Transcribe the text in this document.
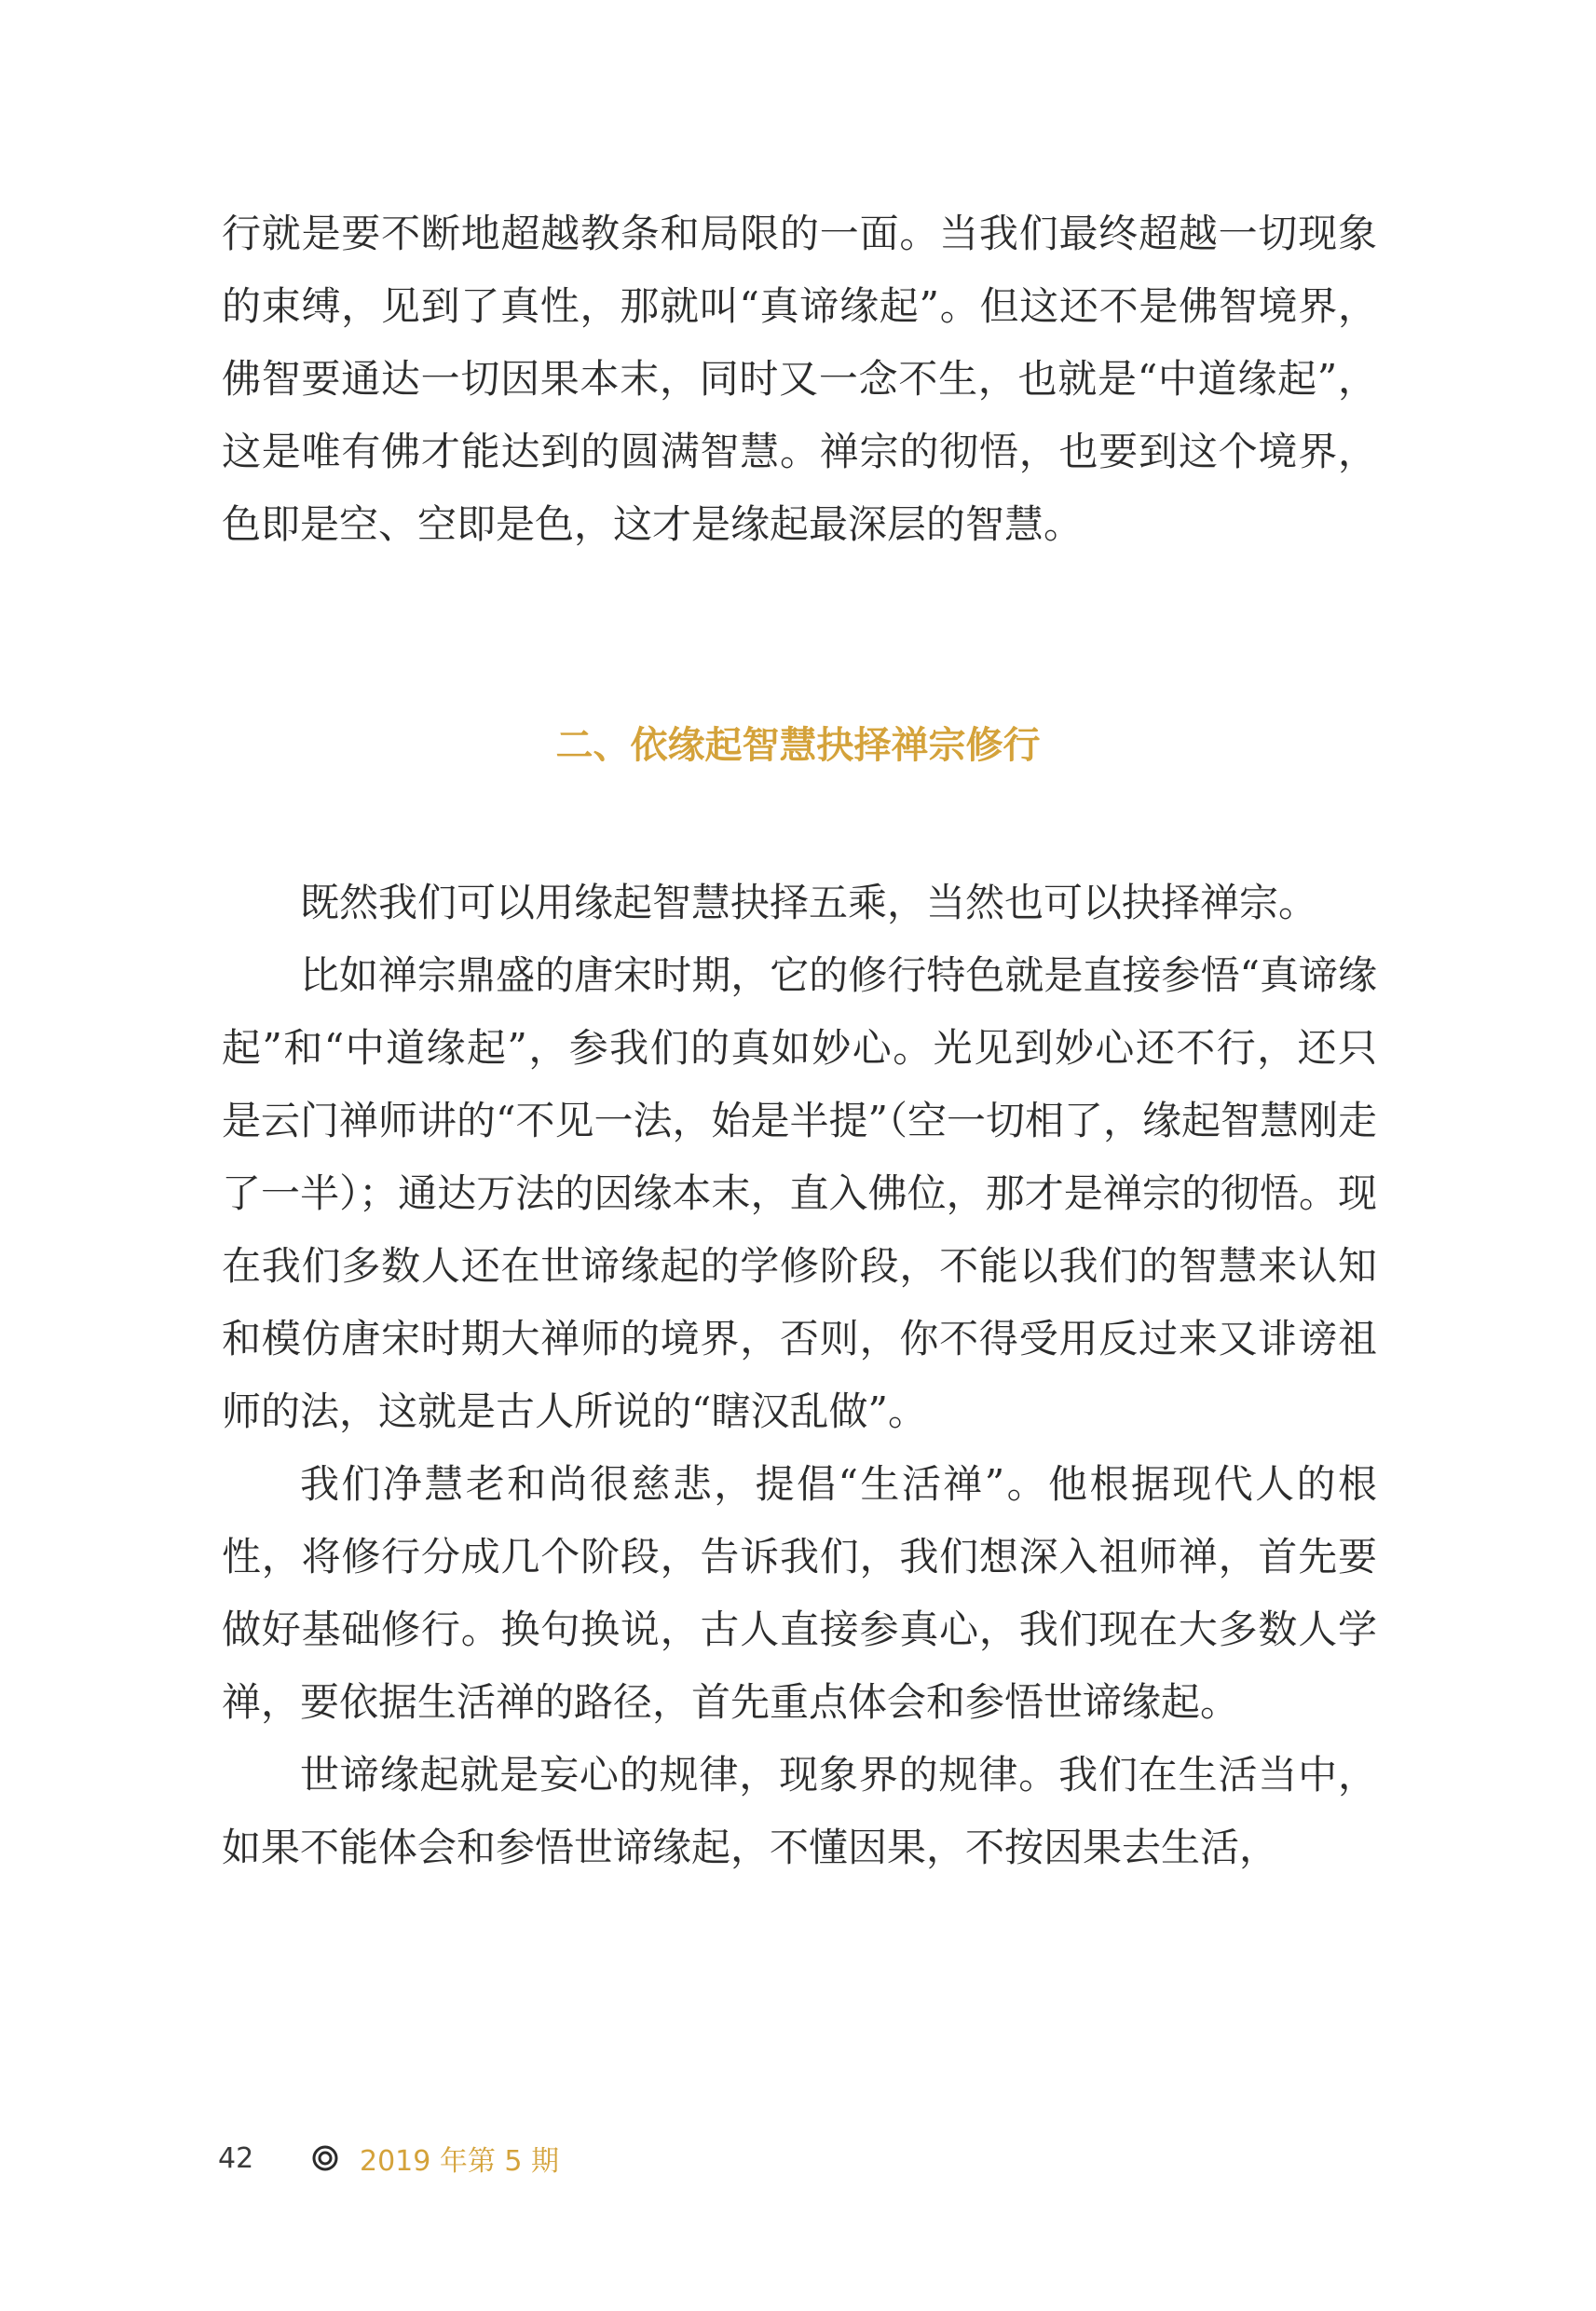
行就是要不断地超越教条和局限的一面。当我们最终超越一切现象的束缚，见到了真性，那就叫“真谛缘起”。但这还不是佛智境界，佛智要通达一切因果本末，同时又一念不生，也就是“中道缘起”，这是唯有佛才能达到的圆满智慧。禅宗的彻悟，也要到这个境界，色即是空、空即是色，这才是缘起最深层的智慧。

二、依缘起智慧抉择禅宗修行

既然我们可以用缘起智慧抉择五乘，当然也可以抉择禅宗。

比如禅宗鼎盛的唐宋时期，它的修行特色就是直接参悟“真谛缘起”和“中道缘起”，参我们的真如妙心。光见到妙心还不行，还只是云门禅师讲的“不见一法，始是半提”（空一切相了，缘起智慧刚走了一半）；通达万法的因缘本末，直入佛位，那才是禅宗的彻悟。现在我们多数人还在世谛缘起的学修阶段，不能以我们的智慧来认知和模仿唐宋时期大禅师的境界，否则，你不得受用反过来又诽谤祖师的法，这就是古人所说的“瞎汉乱做”。

我们净慧老和尚很慈悲，提倡“生活禅”。他根据现代人的根性，将修行分成几个阶段，告诉我们，我们想深入祖师禅，首先要做好基础修行。换句换说，古人直接参真心，我们现在大多数人学禅，要依据生活禅的路径，首先重点体会和参悟世谛缘起。

世谛缘起就是妄心的规律，现象界的规律。我们在生活当中，如果不能体会和参悟世谛缘起，不懂因果，不按因果去生活，

42	2019 年第 5 期
